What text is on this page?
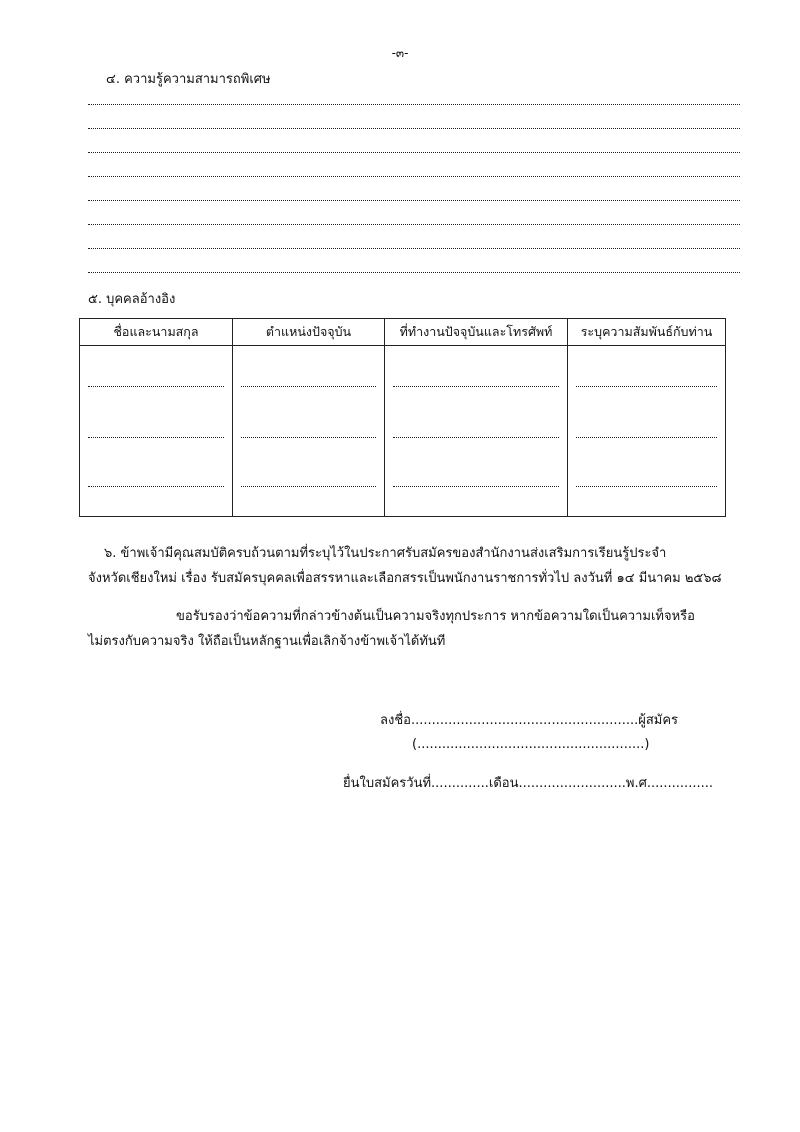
-๓-
๔. ความรู้ความสามารถพิเศษ
๕. บุคคลอ้างอิง
ชื่อและนามสกุล	ตำแหน่งปัจจุบัน	ที่ทำงานปัจจุบันและโทรศัพท์	ระบุความสัมพันธ์กับท่าน

๖. ข้าพเจ้ามีคุณสมบัติครบถ้วนตามที่ระบุไว้ในประกาศรับสมัครของสำนักงานส่งเสริมการเรียนรู้ประจำ
จังหวัดเชียงใหม่ เรื่อง รับสมัครบุคคลเพื่อสรรหาและเลือกสรรเป็นพนักงานราชการทั่วไป ลงวันที่ ๑๔ มีนาคม ๒๕๖๘
ขอรับรองว่าข้อความที่กล่าวข้างต้นเป็นความจริงทุกประการ หากข้อความใดเป็นความเท็จหรือ
ไม่ตรงกับความจริง ให้ถือเป็นหลักฐานเพื่อเลิกจ้างข้าพเจ้าได้ทันที
ลงชื่อ.......................................................ผู้สมัคร
(.......................................................)
ยื่นใบสมัครวันที่..............เดือน..........................พ.ศ................
